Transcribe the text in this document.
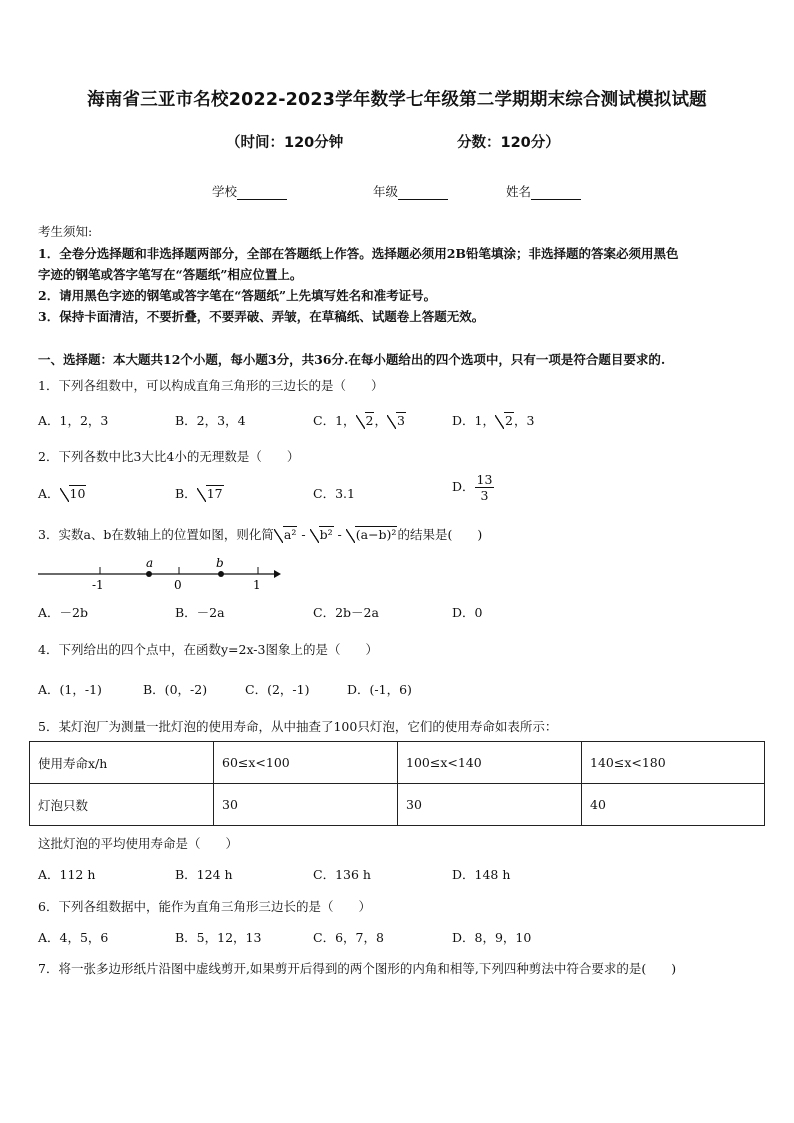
海南省三亚市名校2022-2023学年数学七年级第二学期期末综合测试模拟试题
（时间：120分钟	分数：120分）
学校	年级	姓名
考生须知:
1．全卷分选择题和非选择题两部分，全部在答题纸上作答。选择题必须用2B铅笔填涂；非选择题的答案必须用黑色
字迹的钢笔或答字笔写在“答题纸”相应位置上。
2．请用黑色字迹的钢笔或答字笔在“答题纸”上先填写姓名和准考证号。
3．保持卡面清洁，不要折叠，不要弄破、弄皱，在草稿纸、试题卷上答题无效。
一、选择题：本大题共12个小题，每小题3分，共36分.在每小题给出的四个选项中，只有一项是符合题目要求的.
1．下列各组数中，可以构成直角三角形的三边长的是（　　）
A．1，2，3	B．2，3，4	C．1， 2， 3	D．1， 2，3
2．下列各数中比3大比4小的无理数是（　　）
A． 10	B． 17	C．3.1	D． $\frac{13}{3}$
3．实数a、b在数轴上的位置如图，则化简 a² - b² - (a−b)²的结果是(　　)
-1	0	1
a	b
A．－2b	B．－2a	C．2b－2a	D．0
4．下列给出的四个点中，在函数y=2x-3图象上的是（　　）
A．(1，-1)	B．(0，-2)	C．(2，-1)	D．(-1，6)
5．某灯泡厂为测量一批灯泡的使用寿命，从中抽查了100只灯泡，它们的使用寿命如表所示：
使用寿命x/h	60≤x<100	100≤x<140	140≤x<180
灯泡只数	30	30	40
这批灯泡的平均使用寿命是（　　）
A．112 h	B．124 h	C．136 h	D．148 h
6．下列各组数据中，能作为直角三角形三边长的是（　　）
A．4，5，6	B．5，12，13	C．6，7，8	D．8，9，10
7．将一张多边形纸片沿图中虚线剪开,如果剪开后得到的两个图形的内角和相等,下列四种剪法中符合要求的是(　　)
